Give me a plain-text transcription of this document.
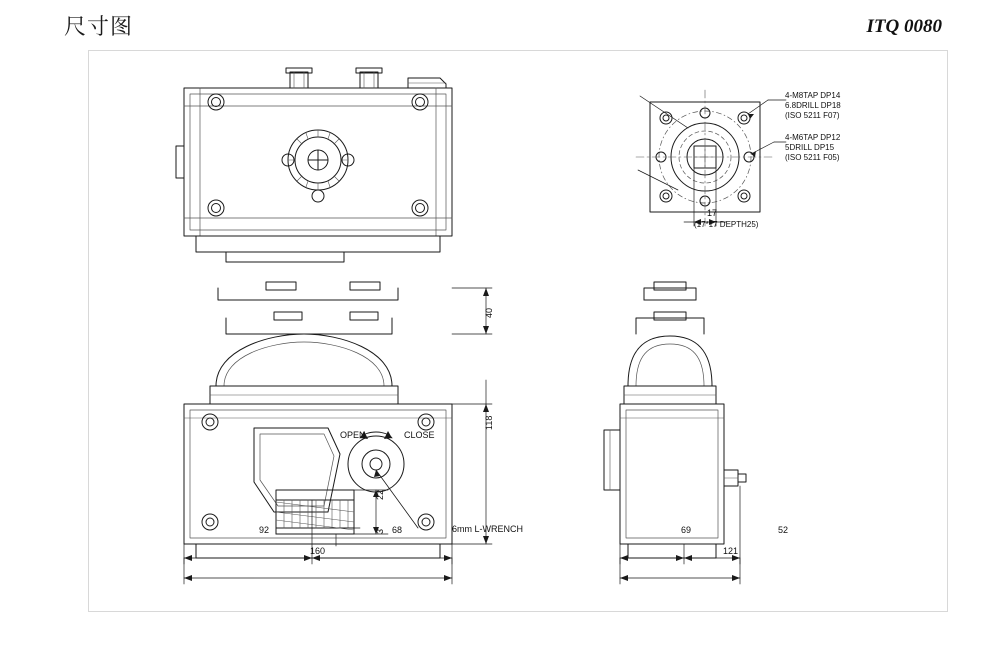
尺寸图	ITQ 0080
4-M8TAP DP14
6.8DRILL DP18
(ISO 5211 F07)
4-M6TAP DP12
5DRILL DP15
(ISO 5211 F05)
17
(17*17 DEPTH25)
OPEN	CLOSE
6mm L-WRENCH
40
118
22
3
92	68
160
69	52
121
